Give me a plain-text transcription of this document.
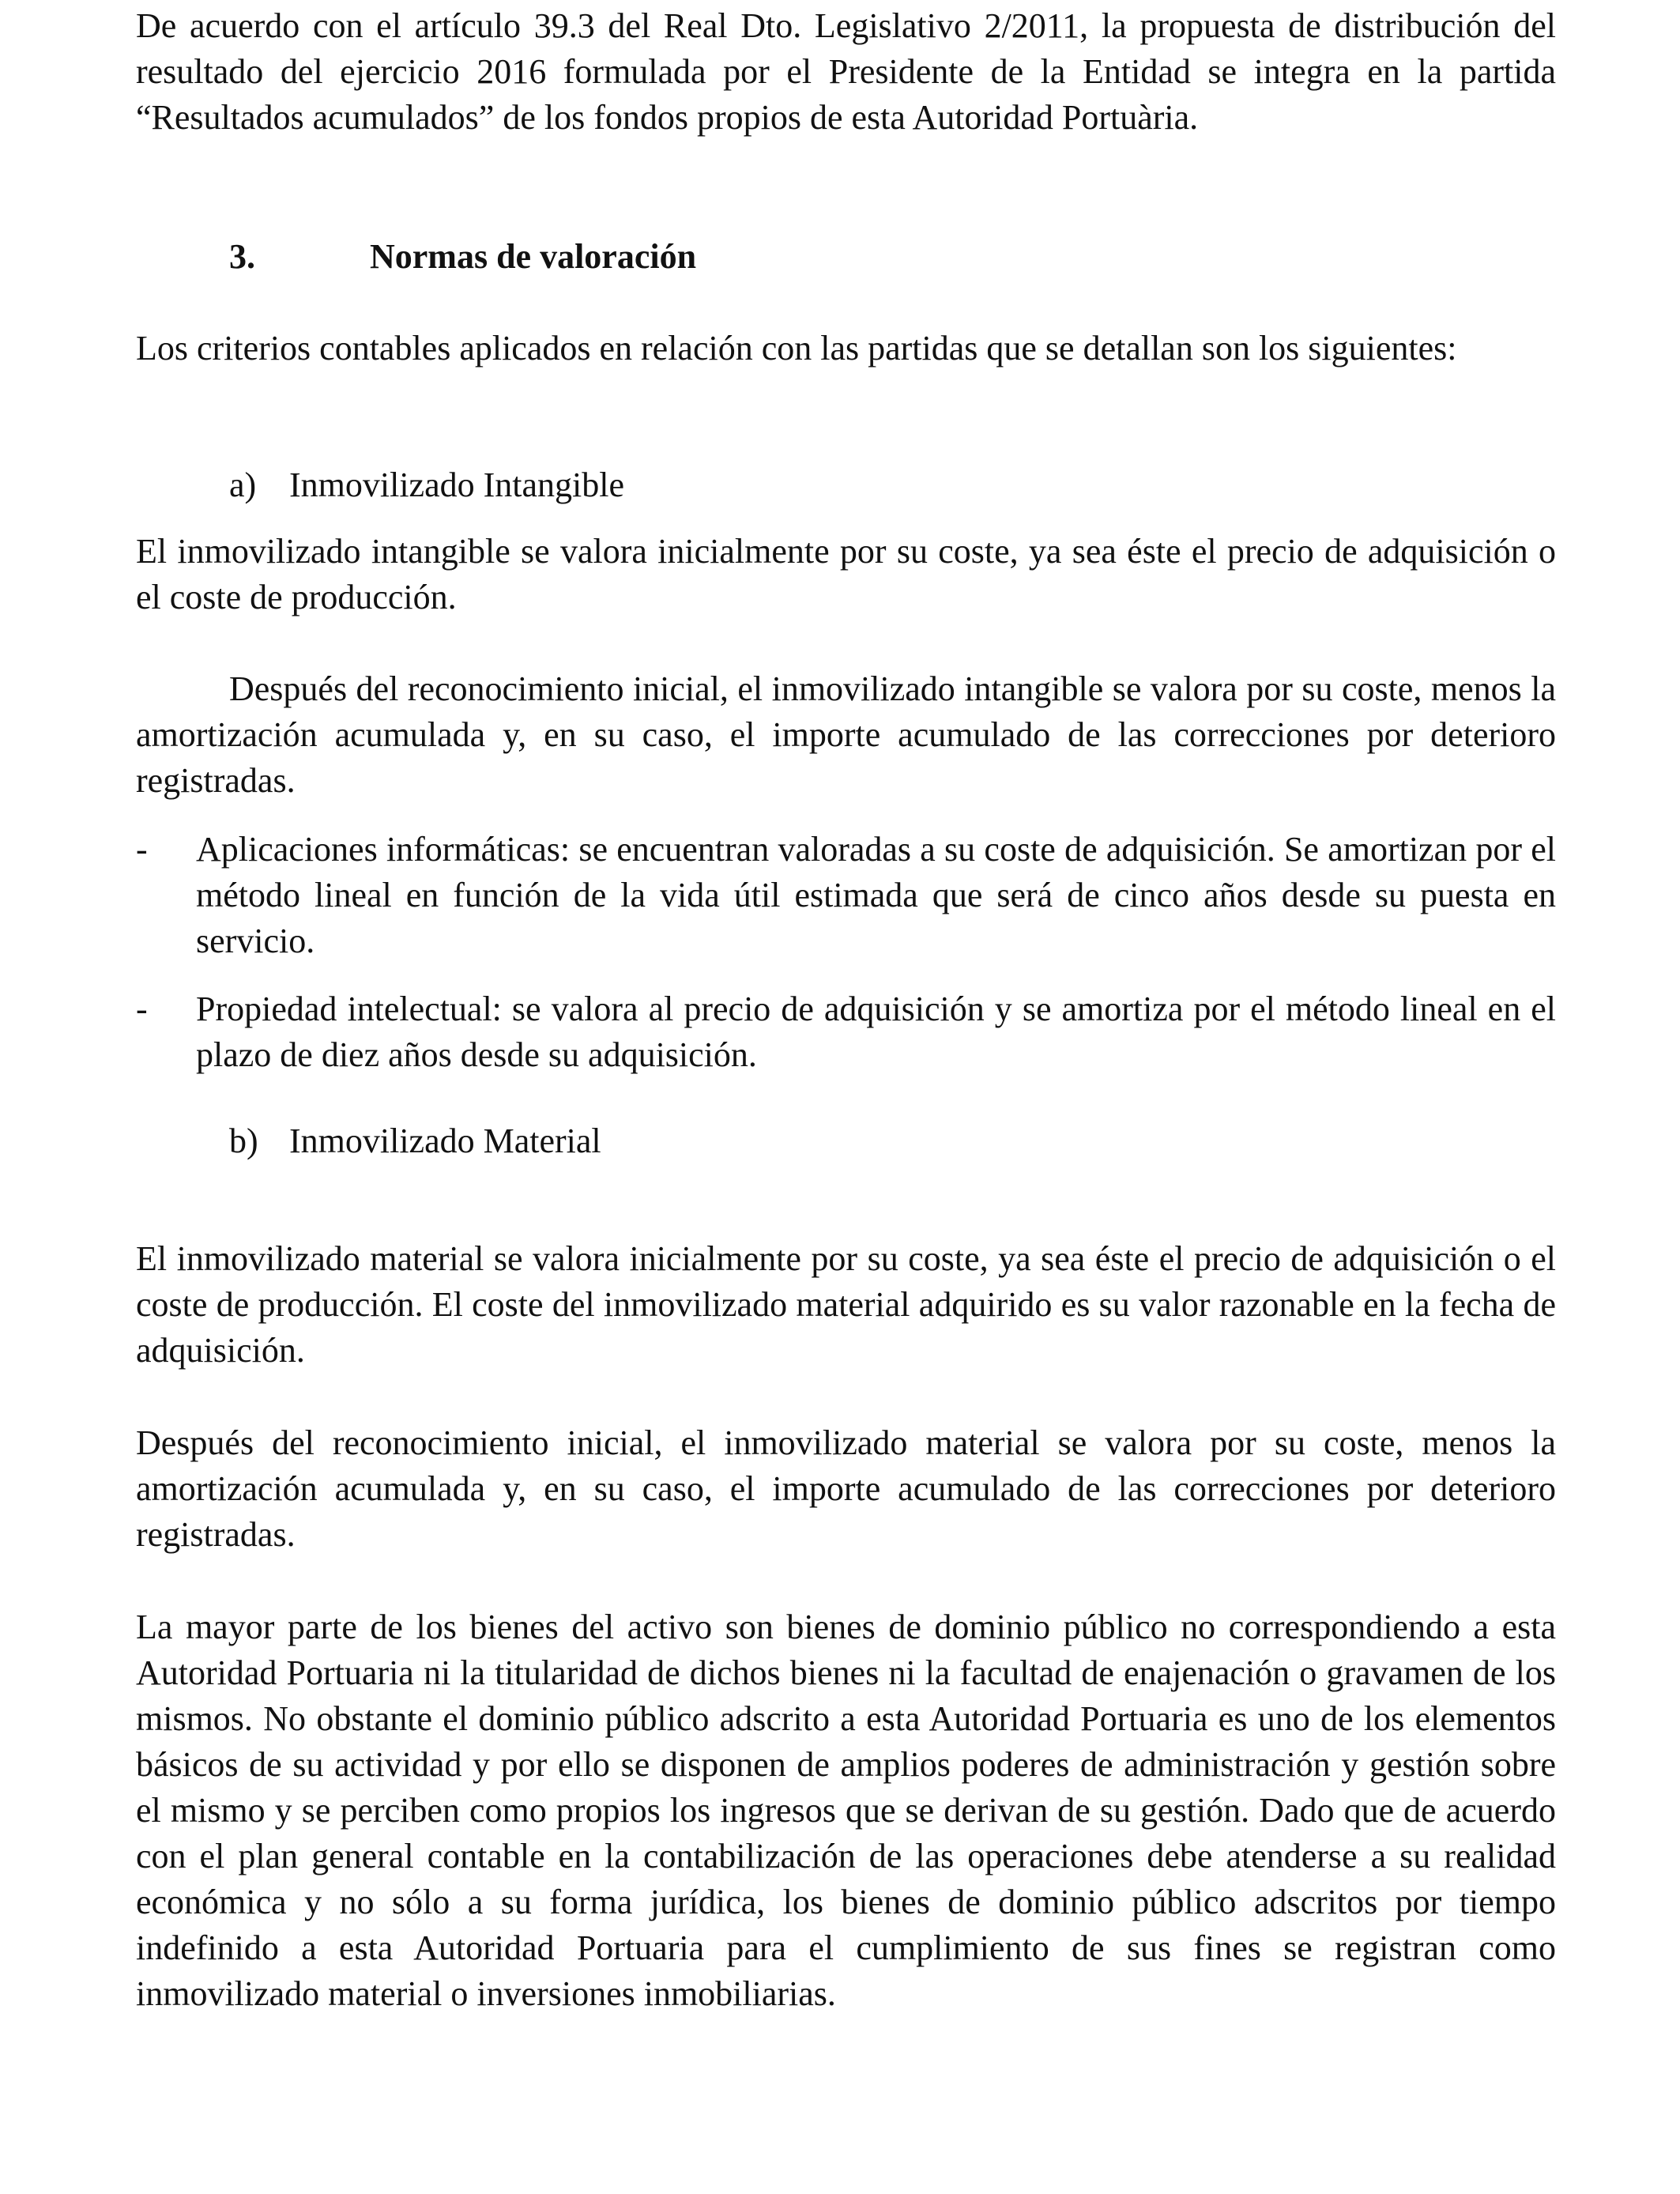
De acuerdo con el artículo 39.3 del Real Dto. Legislativo 2/2011, la propuesta de distribución del resultado del ejercicio 2016 formulada por el Presidente de la Entidad se integra en la partida “Resultados acumulados” de los fondos propios de esta Autoridad Portuària.

3.	Normas de valoración

Los criterios contables aplicados en relación con las partidas que se detallan son los siguientes:

a) Inmovilizado Intangible

El inmovilizado intangible se valora inicialmente por su coste, ya sea éste el precio de adquisición o el coste de producción.

Después del reconocimiento inicial, el inmovilizado intangible se valora por su coste, menos la amortización acumulada y, en su caso, el importe acumulado de las correcciones por deterioro registradas.

- Aplicaciones informáticas: se encuentran valoradas a su coste de adquisición. Se amortizan por el método lineal en función de la vida útil estimada que será de cinco años desde su puesta en servicio.

- Propiedad intelectual: se valora al precio de adquisición y se amortiza por el método lineal en el plazo de diez años desde su adquisición.

b) Inmovilizado Material

El inmovilizado material se valora inicialmente por su coste, ya sea éste el precio de adquisición o el coste de producción. El coste del inmovilizado material adquirido es su valor razonable en la fecha de adquisición.

Después del reconocimiento inicial, el inmovilizado material se valora por su coste, menos la amortización acumulada y, en su caso, el importe acumulado de las correcciones por deterioro registradas.

La mayor parte de los bienes del activo son bienes de dominio público no correspondiendo a esta Autoridad Portuaria ni la titularidad de dichos bienes ni la facultad de enajenación o gravamen de los mismos. No obstante el dominio público adscrito a esta Autoridad Portuaria es uno de los elementos básicos de su actividad y por ello se disponen de amplios poderes de administración y gestión sobre el mismo y se perciben como propios los ingresos que se derivan de su gestión. Dado que de acuerdo con el plan general contable en la contabilización de las operaciones debe atenderse a su realidad económica y no sólo a su forma jurídica, los bienes de dominio público adscritos por tiempo indefinido a esta Autoridad Portuaria para el cumplimiento de sus fines se registran como inmovilizado material o inversiones inmobiliarias.
